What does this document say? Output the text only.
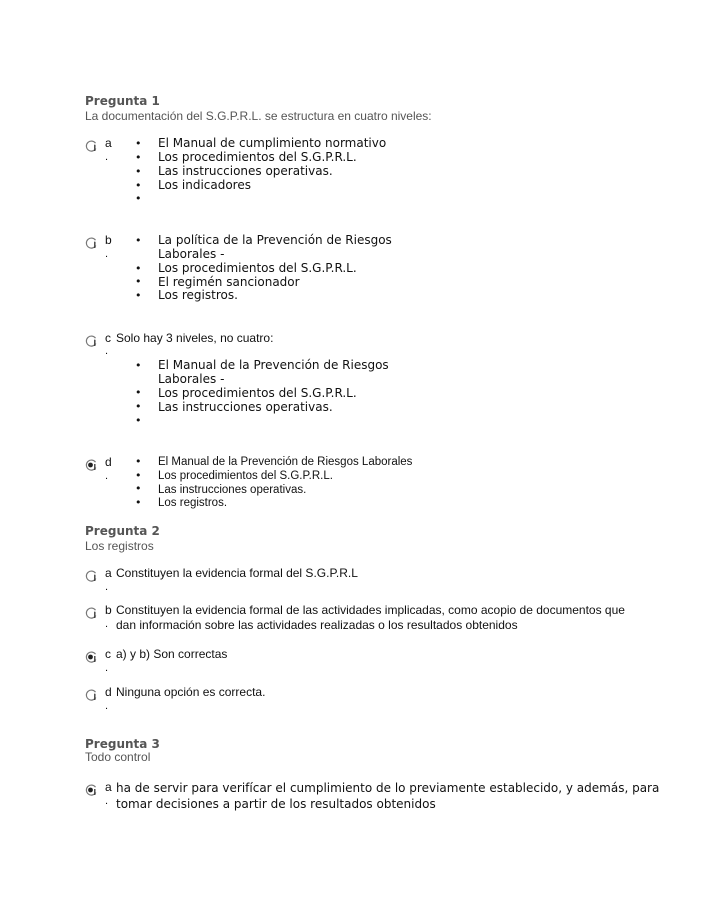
Pregunta 1
La documentación del S.G.P.R.L. se estructura en cuatro niveles:
a
.
•
•
•
•
•
El Manual de cumplimiento normativo
Los procedimientos del S.G.P.R.L.
Las instrucciones operativas.
Los indicadores
b
.
•
•
•
•
La política de la Prevención de Riesgos
Laborales -
Los procedimientos del S.G.P.R.L.
El regimén sancionador
Los registros.
c
.
Solo hay 3 niveles, no cuatro:
•
•
•
•
El Manual de la Prevención de Riesgos
Laborales -
Los procedimientos del S.G.P.R.L.
Las instrucciones operativas.
d
.
•
•
•
•
El Manual de la Prevención de Riesgos Laborales
Los procedimientos del S.G.P.R.L.
Las instrucciones operativas.
Los registros.
Pregunta 2
Los registros
a
.
Constituyen la evidencia formal del S.G.P.R.L
b
.
Constituyen la evidencia formal de las actividades implicadas, como acopio de documentos que
dan información sobre las actividades realizadas o los resultados obtenidos
c
.
a) y b) Son correctas
d
.
Ninguna opción es correcta.
Pregunta 3
Todo control
a
.
ha de servir para verifícar el cumplimiento de lo previamente establecido, y además, para
tomar decisiones a partir de los resultados obtenidos
